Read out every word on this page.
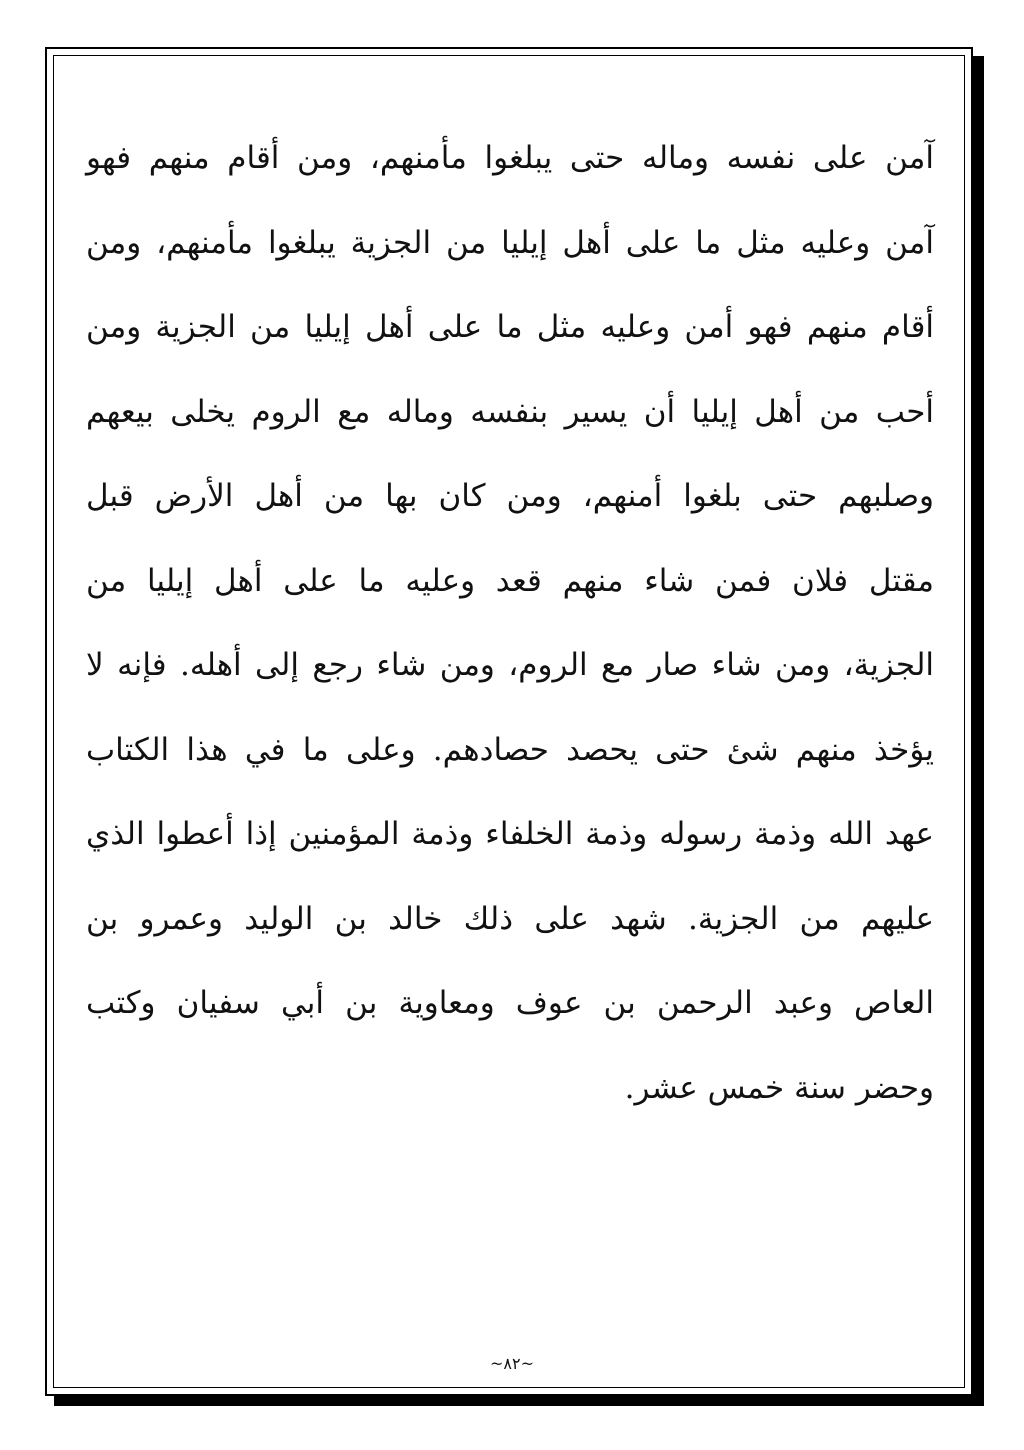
آمن على نفسه وماله حتى يبلغوا مأمنهم، ومن أقام منهم فهو
آمن وعليه مثل ما على أهل إيليا من الجزية يبلغوا مأمنهم، ومن
أقام منهم فهو أمن وعليه مثل ما على أهل إيليا من الجزية ومن
أحب من أهل إيليا أن يسير بنفسه وماله مع الروم يخلى بيعهم
وصلبهم حتى بلغوا أمنهم، ومن كان بها من أهل الأرض قبل
مقتل فلان فمن شاء منهم قعد وعليه ما على أهل إيليا من
الجزية، ومن شاء صار مع الروم، ومن شاء رجع إلى أهله. فإنه لا
يؤخذ منهم شئ حتى يحصد حصادهم. وعلى ما في هذا الكتاب
عهد الله وذمة رسوله وذمة الخلفاء وذمة المؤمنين إذا أعطوا الذي
عليهم من الجزية. شهد على ذلك خالد بن الوليد وعمرو بن
العاص وعبد الرحمن بن عوف ومعاوية بن أبي سفيان وكتب
وحضر سنة خمس عشر.
~٨٢~
